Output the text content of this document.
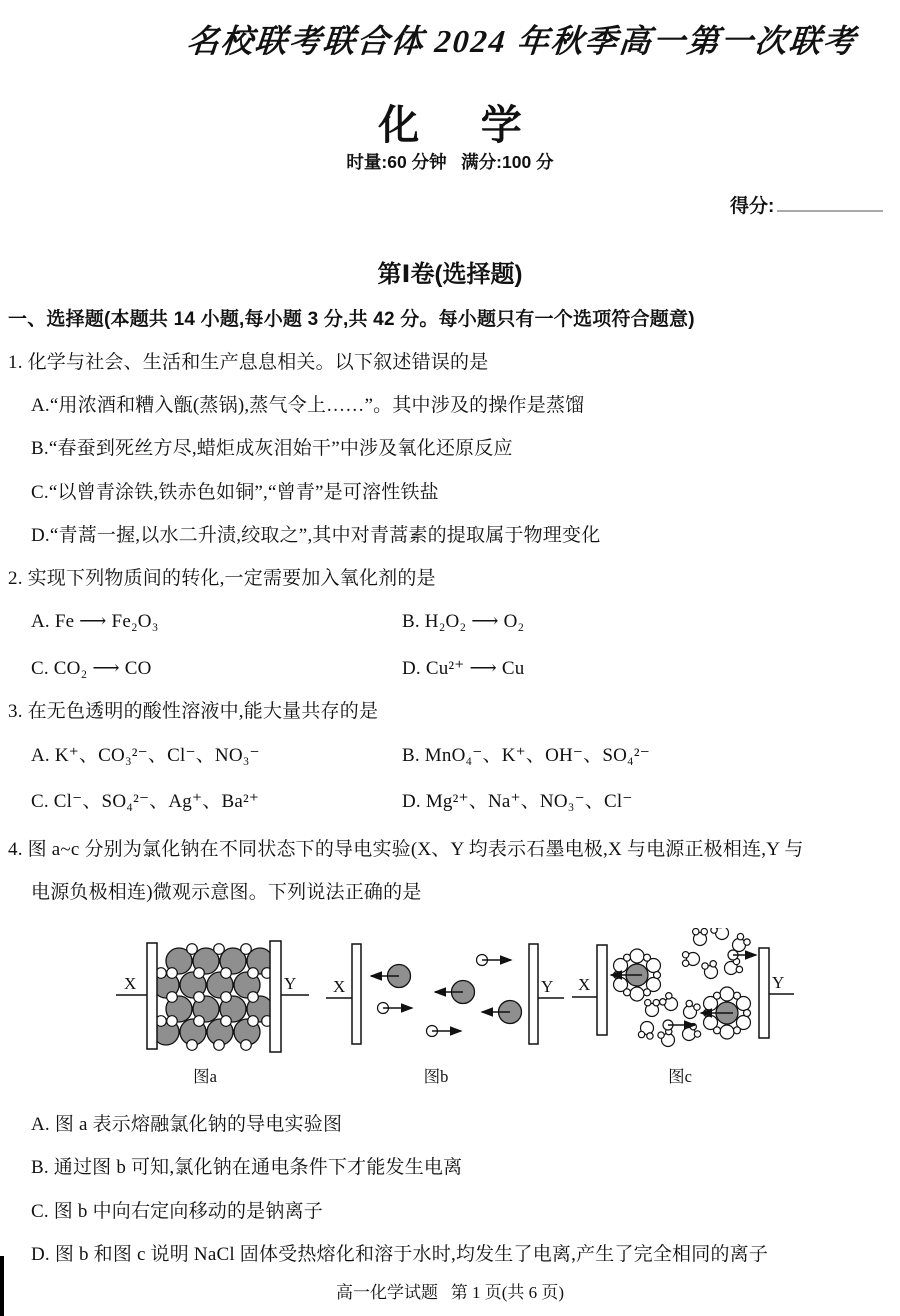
名校联考联合体 2024 年秋季高一第一次联考
化      学
时量:60 分钟   满分:100 分
得分:
第Ⅰ卷(选择题)
一、选择题(本题共 14 小题,每小题 3 分,共 42 分。每小题只有一个选项符合题意)
1. 化学与社会、生活和生产息息相关。以下叙述错误的是
A.“用浓酒和糟入甑(蒸锅),蒸气令上……”。其中涉及的操作是蒸馏
B.“春蚕到死丝方尽,蜡炬成灰泪始干”中涉及氧化还原反应
C.“以曾青涂铁,铁赤色如铜”,“曾青”是可溶性铁盐
D.“青蒿一握,以水二升渍,绞取之”,其中对青蒿素的提取属于物理变化
2. 实现下列物质间的转化,一定需要加入氧化剂的是
A. Fe ⟶ Fe₂O₃	B. H₂O₂ ⟶ O₂
C. CO₂ ⟶ CO	D. Cu²⁺ ⟶ Cu
3. 在无色透明的酸性溶液中,能大量共存的是
A. K⁺、CO₃²⁻、Cl⁻、NO₃⁻	B. MnO₄⁻、K⁺、OH⁻、SO₄²⁻
C. Cl⁻、SO₄²⁻、Ag⁺、Ba²⁺	D. Mg²⁺、Na⁺、NO₃⁻、Cl⁻
4. 图 a~c 分别为氯化钠在不同状态下的导电实验(X、Y 均表示石墨电极,X 与电源正极相连,Y 与
电源负极相连)微观示意图。下列说法正确的是
X	Y
图a
X	Y
图b
X	Y
图c
A. 图 a 表示熔融氯化钠的导电实验图
B. 通过图 b 可知,氯化钠在通电条件下才能发生电离
C. 图 b 中向右定向移动的是钠离子
D. 图 b 和图 c 说明 NaCl 固体受热熔化和溶于水时,均发生了电离,产生了完全相同的离子
高一化学试题   第 1 页(共 6 页)
